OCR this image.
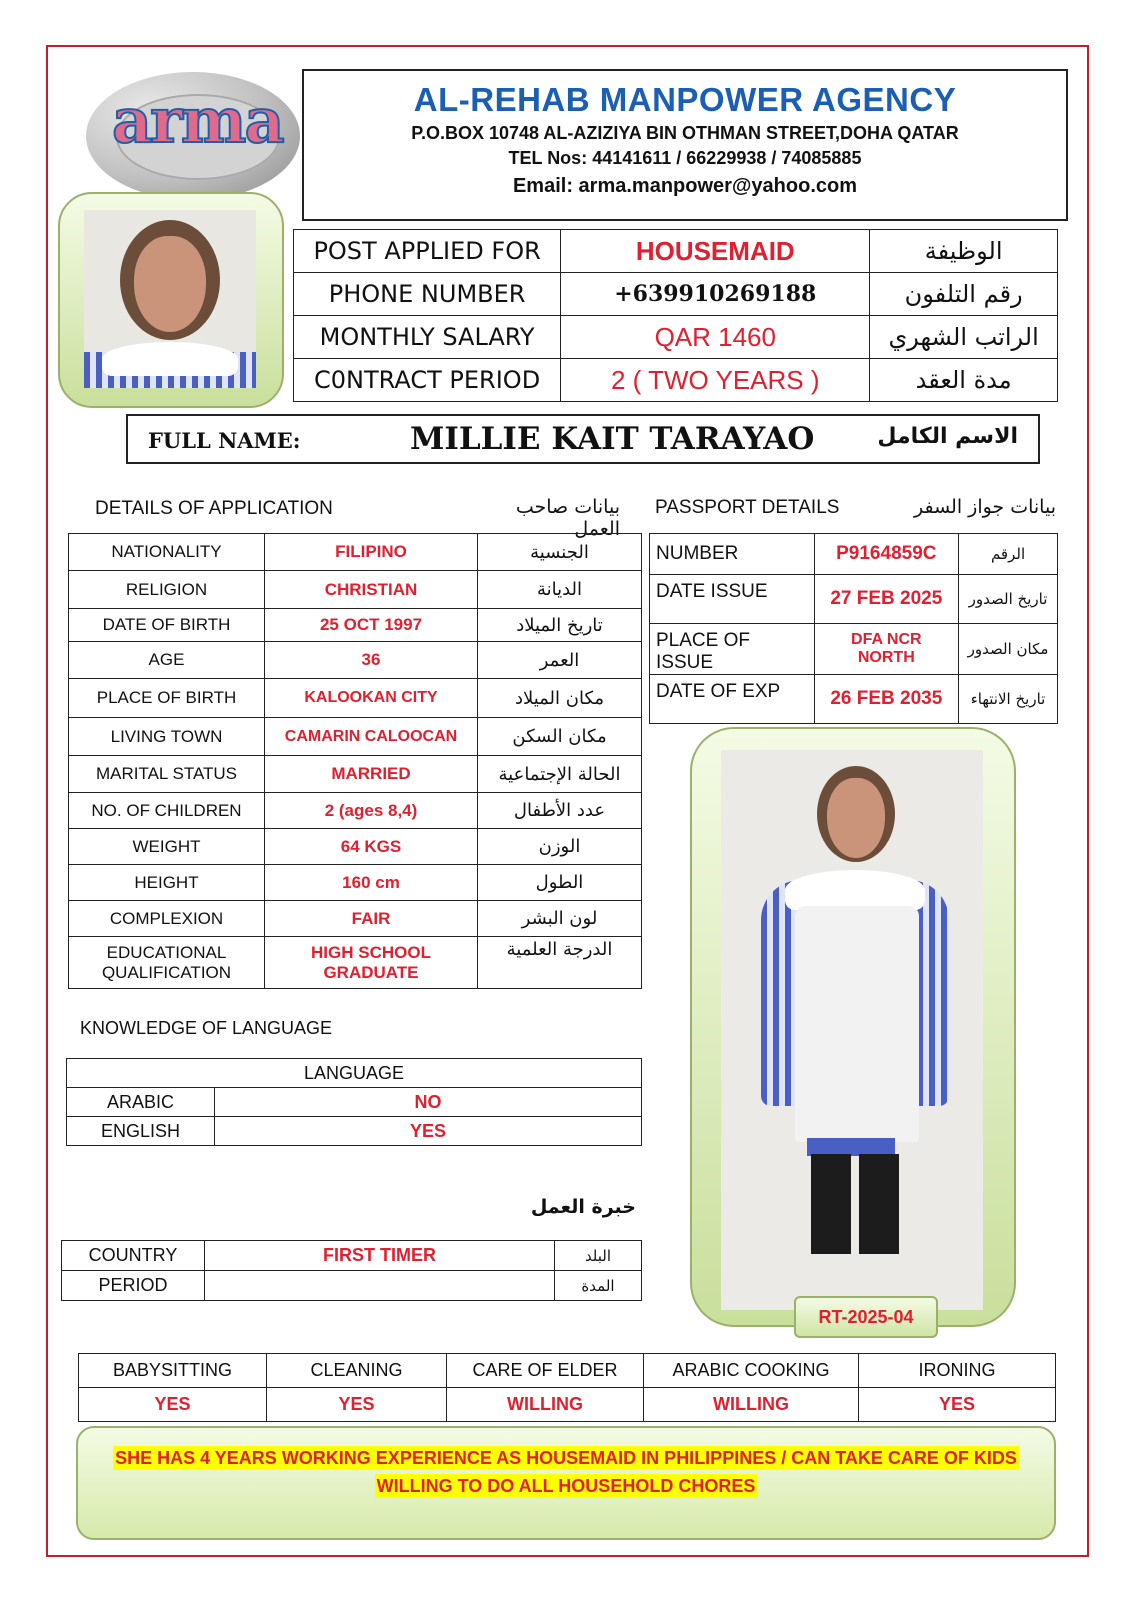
arma	AL-REHAB MANPOWER AGENCY
P.O.BOX 10748 AL-AZIZIYA BIN OTHMAN STREET,DOHA QATAR
TEL Nos: 44141611 / 66229938 / 74085885
Email: arma.manpower@yahoo.com
POST APPLIED FOR	HOUSEMAID	الوظيفة
PHONE NUMBER	+639910269188	رقم التلفون
MONTHLY SALARY	QAR 1460	الراتب الشهري
C0NTRACT PERIOD	2 ( TWO YEARS )	مدة العقد
FULL NAME:	MILLIE KAIT TARAYAO	الاسم الكامل
DETAILS OF APPLICATION	بيانات صاحب العمل
PASSPORT DETAILS	بيانات جواز السفر
NATIONALITY	FILIPINO	الجنسية
RELIGION	CHRISTIAN	الديانة
DATE OF BIRTH	25 OCT 1997	تاريخ الميلاد
AGE	36	العمر
PLACE OF BIRTH	KALOOKAN CITY	مكان الميلاد
LIVING TOWN	CAMARIN CALOOCAN	مكان السكن
MARITAL STATUS	MARRIED	الحالة الإجتماعية
NO. OF CHILDREN	2 (ages 8,4)	عدد الأطفال
WEIGHT	64 KGS	الوزن
HEIGHT	160 cm	الطول
COMPLEXION	FAIR	لون البشر
EDUCATIONAL QUALIFICATION	HIGH SCHOOL GRADUATE	الدرجة العلمية
NUMBER	P9164859C	الرقم
DATE ISSUE	27 FEB 2025	تاريخ الصدور
PLACE OF ISSUE	DFA NCR NORTH	مكان الصدور
DATE OF EXP	26 FEB 2035	تاريخ الانتهاء
RT-2025-04
KNOWLEDGE OF LANGUAGE
LANGUAGE	
ARABIC	NO
ENGLISH	YES
خبرة العمل
COUNTRY	FIRST TIMER	البلد
PERIOD		المدة
BABYSITTING	CLEANING	CARE OF ELDER	ARABIC COOKING	IRONING
YES	YES	WILLING	WILLING	YES
SHE HAS 4 YEARS WORKING EXPERIENCE AS HOUSEMAID IN PHILIPPINES / CAN TAKE CARE OF KIDS
WILLING TO DO ALL HOUSEHOLD CHORES
